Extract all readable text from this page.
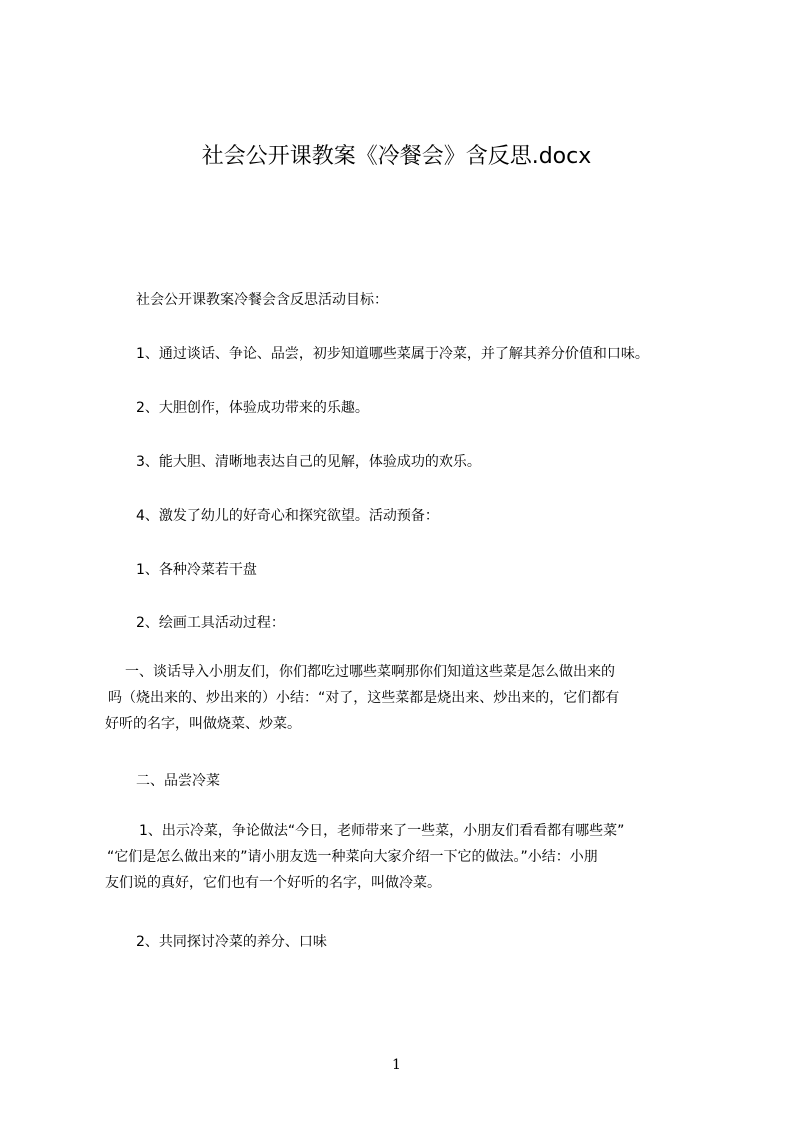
社会公开课教案《冷餐会》含反思.docx
社会公开课教案冷餐会含反思活动目标：
1、通过谈话、争论、品尝，初步知道哪些菜属于冷菜，并了解其养分价值和口味。
2、大胆创作，体验成功带来的乐趣。
3、能大胆、清晰地表达自己的见解，体验成功的欢乐。
4、激发了幼儿的好奇心和探究欲望。活动预备：
1、各种冷菜若干盘
2、绘画工具活动过程：
一、谈话导入小朋友们，你们都吃过哪些菜啊那你们知道这些菜是怎么做出来的
吗（烧出来的、炒出来的）小结：“对了，这些菜都是烧出来、炒出来的，它们都有
好听的名字，叫做烧菜、炒菜。
二、品尝冷菜
1、出示冷菜，争论做法“今日，老师带来了一些菜，小朋友们看看都有哪些菜”
“它们是怎么做出来的”请小朋友选一种菜向大家介绍一下它的做法。”小结：小朋
友们说的真好，它们也有一个好听的名字，叫做冷菜。
2、共同探讨冷菜的养分、口味
1
